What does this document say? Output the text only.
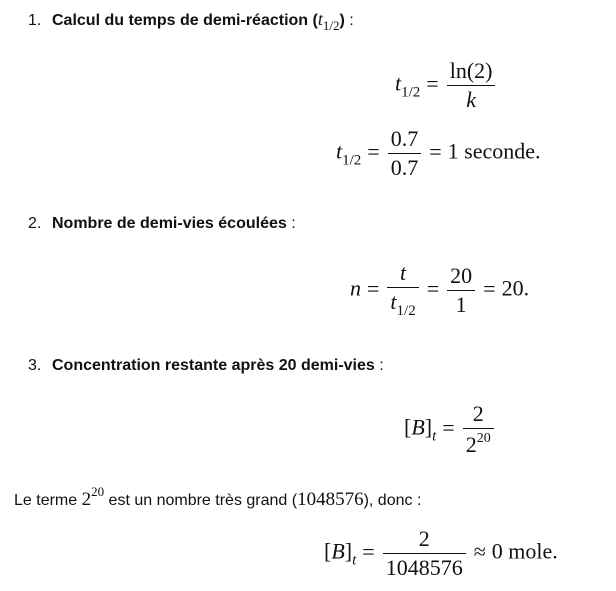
1. Calcul du temps de demi-réaction $(t_{1/2})$ :
$t_{1/2} = \frac{\ln(2)}{k}$
$t_{1/2} = \frac{0.7}{0.7} = 1$ seconde.
2. Nombre de demi-vies écoulées :
$n = \frac{t}{t_{1/2}} = \frac{20}{1} = 20$.
3. Concentration restante après 20 demi-vies :
$[B]_t = \frac{2}{2^{20}}$
Le terme $2^{20}$ est un nombre très grand (1048576), donc :
$[B]_t = \frac{2}{1048576} \approx 0$ mole.
